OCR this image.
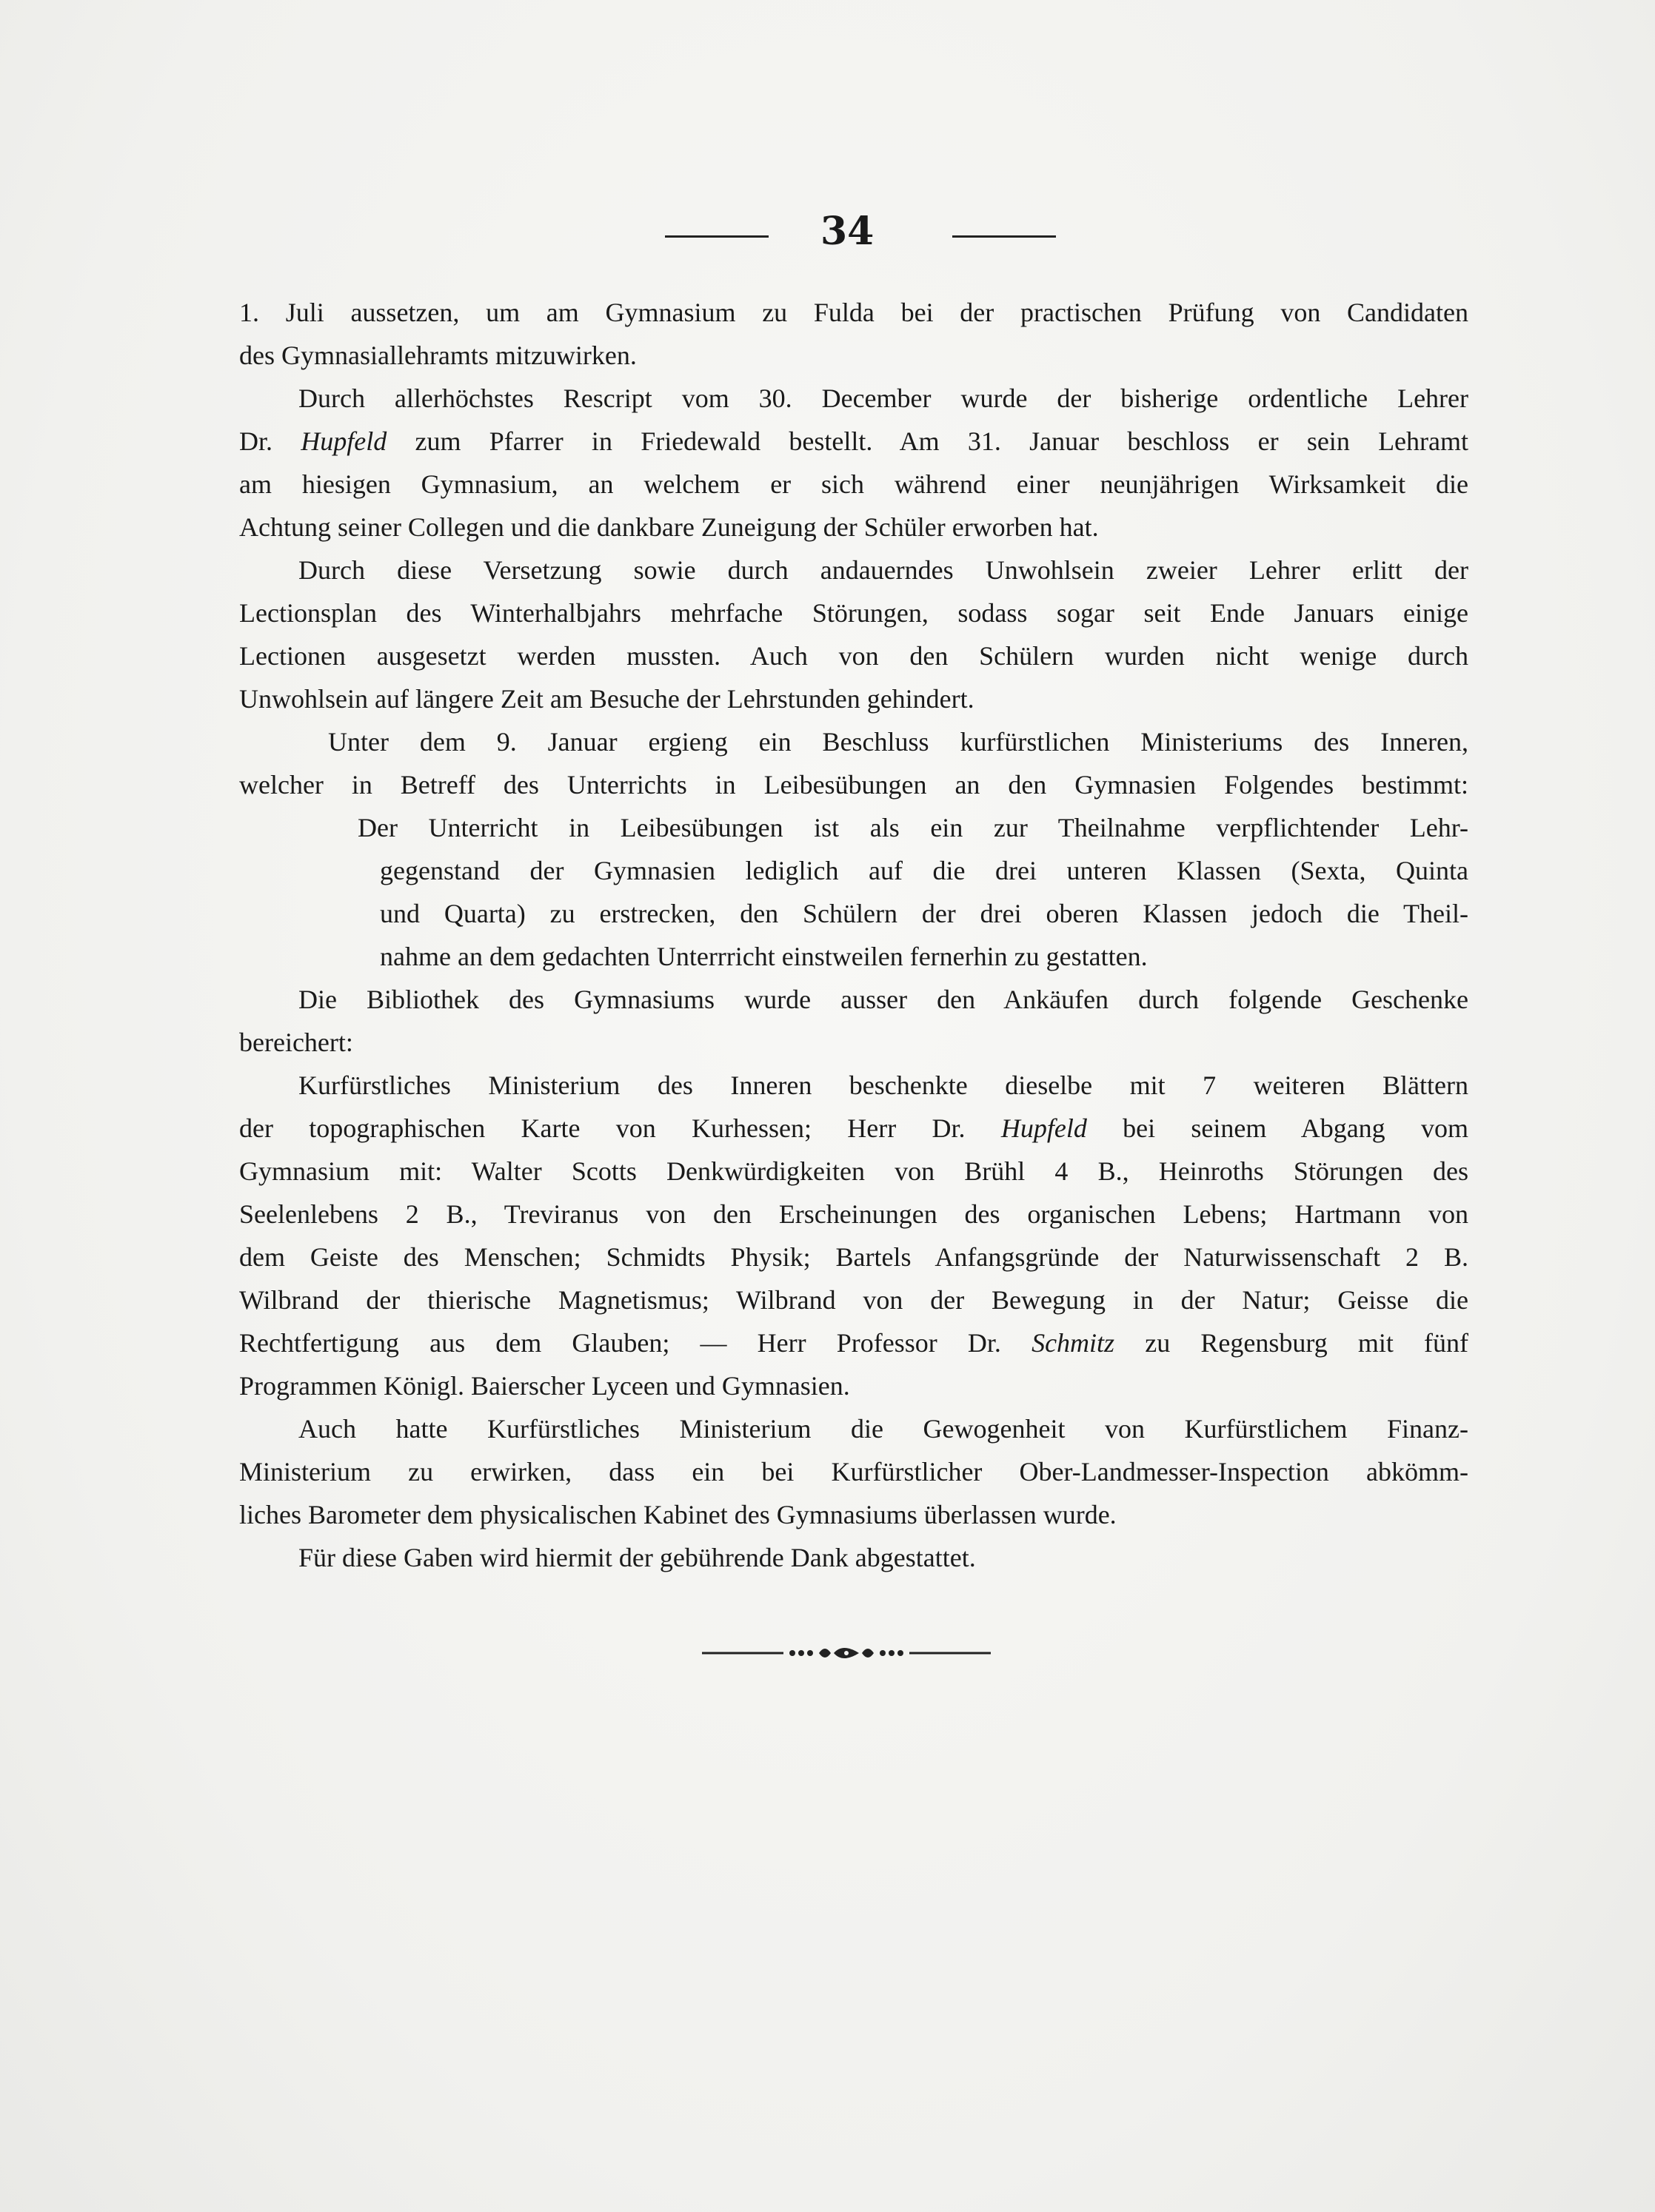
34
1. Juli aussetzen, um am Gymnasium zu Fulda bei der practischen Prüfung von Candidaten
des Gymnasiallehramts mitzuwirken.
Durch allerhöchstes Rescript vom 30. December wurde der bisherige ordentliche Lehrer
Dr. Hupfeld zum Pfarrer in Friedewald bestellt. Am 31. Januar beschloss er sein Lehramt
am hiesigen Gymnasium, an welchem er sich während einer neunjährigen Wirksamkeit die
Achtung seiner Collegen und die dankbare Zuneigung der Schüler erworben hat.
Durch diese Versetzung sowie durch andauerndes Unwohlsein zweier Lehrer erlitt der
Lectionsplan des Winterhalbjahrs mehrfache Störungen, sodass sogar seit Ende Januars einige
Lectionen ausgesetzt werden mussten. Auch von den Schülern wurden nicht wenige durch
Unwohlsein auf längere Zeit am Besuche der Lehrstunden gehindert.
Unter dem 9. Januar ergieng ein Beschluss kurfürstlichen Ministeriums des Inneren,
welcher in Betreff des Unterrichts in Leibesübungen an den Gymnasien Folgendes bestimmt:
Der Unterricht in Leibesübungen ist als ein zur Theilnahme verpflichtender Lehr-
gegenstand der Gymnasien lediglich auf die drei unteren Klassen (Sexta, Quinta
und Quarta) zu erstrecken, den Schülern der drei oberen Klassen jedoch die Theil-
nahme an dem gedachten Unterrricht einstweilen fernerhin zu gestatten.
Die Bibliothek des Gymnasiums wurde ausser den Ankäufen durch folgende Geschenke
bereichert:
Kurfürstliches Ministerium des Inneren beschenkte dieselbe mit 7 weiteren Blättern
der topographischen Karte von Kurhessen; Herr Dr. Hupfeld bei seinem Abgang vom
Gymnasium mit: Walter Scotts Denkwürdigkeiten von Brühl 4 B., Heinroths Störungen des
Seelenlebens 2 B., Treviranus von den Erscheinungen des organischen Lebens; Hartmann von
dem Geiste des Menschen; Schmidts Physik; Bartels Anfangsgründe der Naturwissenschaft 2 B.
Wilbrand der thierische Magnetismus; Wilbrand von der Bewegung in der Natur; Geisse die
Rechtfertigung aus dem Glauben; — Herr Professor Dr. Schmitz zu Regensburg mit fünf
Programmen Königl. Baierscher Lyceen und Gymnasien.
Auch hatte Kurfürstliches Ministerium die Gewogenheit von Kurfürstlichem Finanz-
Ministerium zu erwirken, dass ein bei Kurfürstlicher Ober-Landmesser-Inspection abkömm-
liches Barometer dem physicalischen Kabinet des Gymnasiums überlassen wurde.
Für diese Gaben wird hiermit der gebührende Dank abgestattet.
